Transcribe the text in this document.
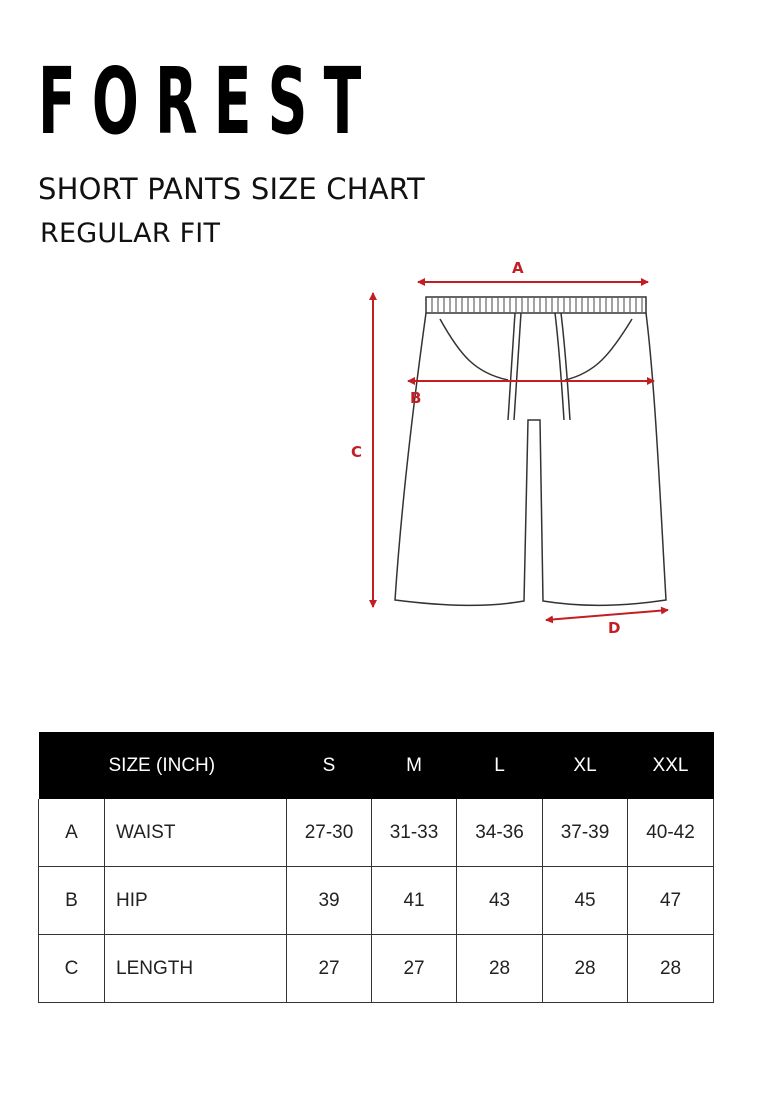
FOREST
SHORT PANTS SIZE CHART
REGULAR FIT
A
B
C
D
SIZE (INCH)		S	M	L	XL	XXL
A	WAIST	27-30	31-33	34-36	37-39	40-42
B	HIP	39	41	43	45	47
C	LENGTH	27	27	28	28	28
